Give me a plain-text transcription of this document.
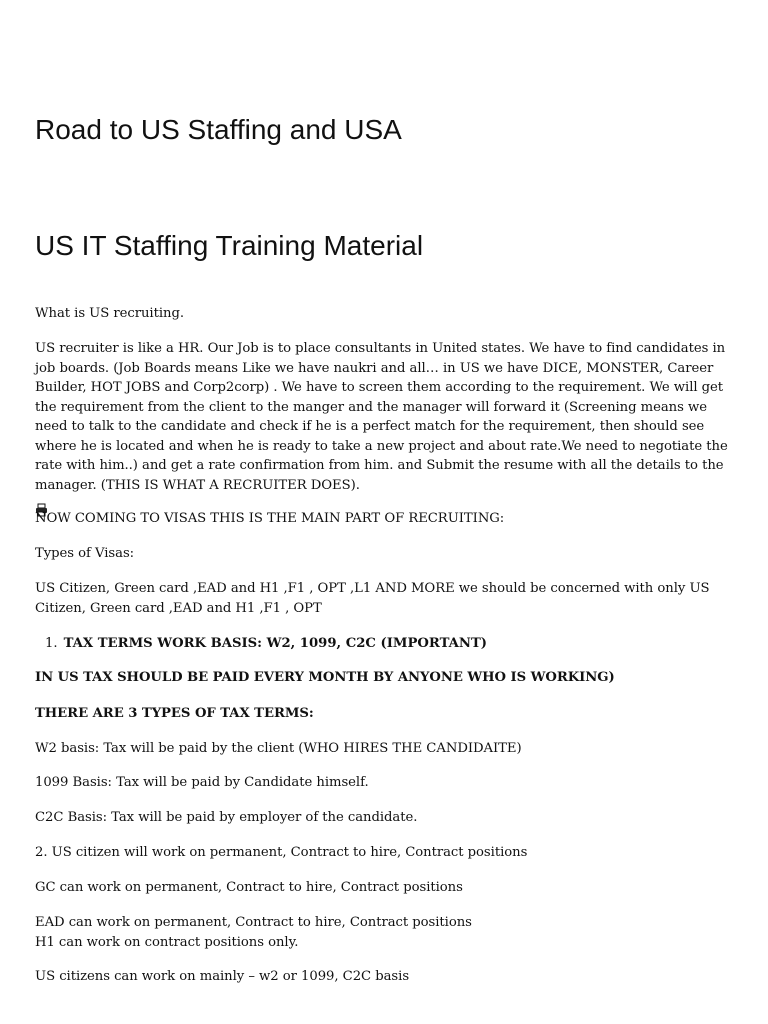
Road to US Staffing and USA
US IT Staffing Training Material

What is US recruiting.

US recruiter is like a HR. Our Job is to place consultants in United states. We have to find candidates in
job boards. (Job Boards means Like we have naukri and all… in US we have DICE, MONSTER, Career
Builder, HOT JOBS and Corp2corp) . We have to screen them according to the requirement. We will get
the requirement from the client to the manger and the manager will forward it (Screening means we
need to talk to the candidate and check if he is a perfect match for the requirement, then should see
where he is located and when he is ready to take a new project and about rate.We need to negotiate the
rate with him..) and get a rate confirmation from him. and Submit the resume with all the details to the
manager. (THIS IS WHAT A RECRUITER DOES).

NOW COMING TO VISAS THIS IS THE MAIN PART OF RECRUITING:

Types of Visas:

US Citizen, Green card ,EAD and H1 ,F1 , OPT ,L1 AND MORE we should be concerned with only US
Citizen, Green card ,EAD and H1 ,F1 , OPT
1. TAX TERMS WORK BASIS: W2, 1099, C2C (IMPORTANT)

IN US TAX SHOULD BE PAID EVERY MONTH BY ANYONE WHO IS WORKING)

THERE ARE 3 TYPES OF TAX TERMS:

W2 basis: Tax will be paid by the client (WHO HIRES THE CANDIDAITE)

1099 Basis: Tax will be paid by Candidate himself.

C2C Basis: Tax will be paid by employer of the candidate.

2. US citizen will work on permanent, Contract to hire, Contract positions

GC can work on permanent, Contract to hire, Contract positions

EAD can work on permanent, Contract to hire, Contract positions
H1 can work on contract positions only.

US citizens can work on mainly – w2 or 1099, C2C basis
